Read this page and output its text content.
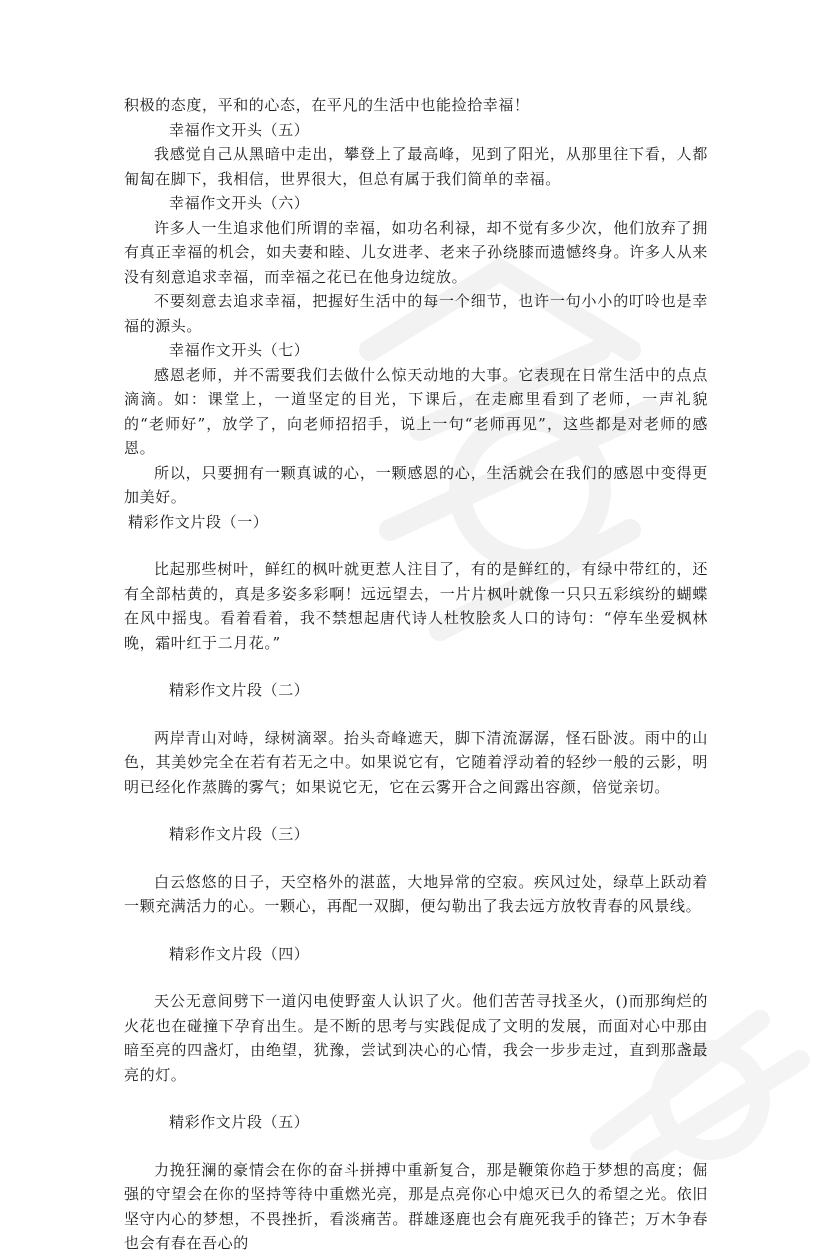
积极的态度，平和的心态，在平凡的生活中也能捡拾幸福！

幸福作文开头（五）

我感觉自己从黑暗中走出，攀登上了最高峰，见到了阳光，从那里往下看，人都匍匐在脚下，我相信，世界很大，但总有属于我们简单的幸福。

幸福作文开头（六）

许多人一生追求他们所谓的幸福，如功名利禄，却不觉有多少次，他们放弃了拥有真正幸福的机会，如夫妻和睦、儿女进孝、老来子孙绕膝而遗憾终身。许多人从来没有刻意追求幸福，而幸福之花已在他身边绽放。

不要刻意去追求幸福，把握好生活中的每一个细节，也许一句小小的叮呤也是幸福的源头。

幸福作文开头（七）

感恩老师，并不需要我们去做什么惊天动地的大事。它表现在日常生活中的点点滴滴。如：课堂上，一道坚定的目光，下课后，在走廊里看到了老师，一声礼貌的“老师好”，放学了，向老师招招手，说上一句“老师再见”，这些都是对老师的感恩。

所以，只要拥有一颗真诚的心，一颗感恩的心，生活就会在我们的感恩中变得更加美好。

精彩作文片段（一）

比起那些树叶，鲜红的枫叶就更惹人注目了，有的是鲜红的，有绿中带红的，还有全部枯黄的，真是多姿多彩啊！远远望去，一片片枫叶就像一只只五彩缤纷的蝴蝶在风中摇曳。看着看着，我不禁想起唐代诗人杜牧脍炙人口的诗句：“停车坐爱枫林晚，霜叶红于二月花。”

精彩作文片段（二）

两岸青山对峙，绿树滴翠。抬头奇峰遮天，脚下清流潺潺，怪石卧波。雨中的山色，其美妙完全在若有若无之中。如果说它有，它随着浮动着的轻纱一般的云影，明明已经化作蒸腾的雾气；如果说它无，它在云雾开合之间露出容颜，倍觉亲切。

精彩作文片段（三）

白云悠悠的日子，天空格外的湛蓝，大地异常的空寂。疾风过处，绿草上跃动着一颗充满活力的心。一颗心，再配一双脚，便勾勒出了我去远方放牧青春的风景线。

精彩作文片段（四）

天公无意间劈下一道闪电使野蛮人认识了火。他们苦苦寻找圣火，()而那绚烂的火花也在碰撞下孕育出生。是不断的思考与实践促成了文明的发展，而面对心中那由暗至亮的四盏灯，由绝望，犹豫，尝试到决心的心情，我会一步步走过，直到那盏最亮的灯。

精彩作文片段（五）

力挽狂澜的豪情会在你的奋斗拼搏中重新复合，那是鞭策你趋于梦想的高度；倔强的守望会在你的坚持等待中重燃光亮，那是点亮你心中熄灭已久的希望之光。依旧坚守内心的梦想，不畏挫折，看淡痛苦。群雄逐鹿也会有鹿死我手的锋芒；万木争春也会有春在吾心的
